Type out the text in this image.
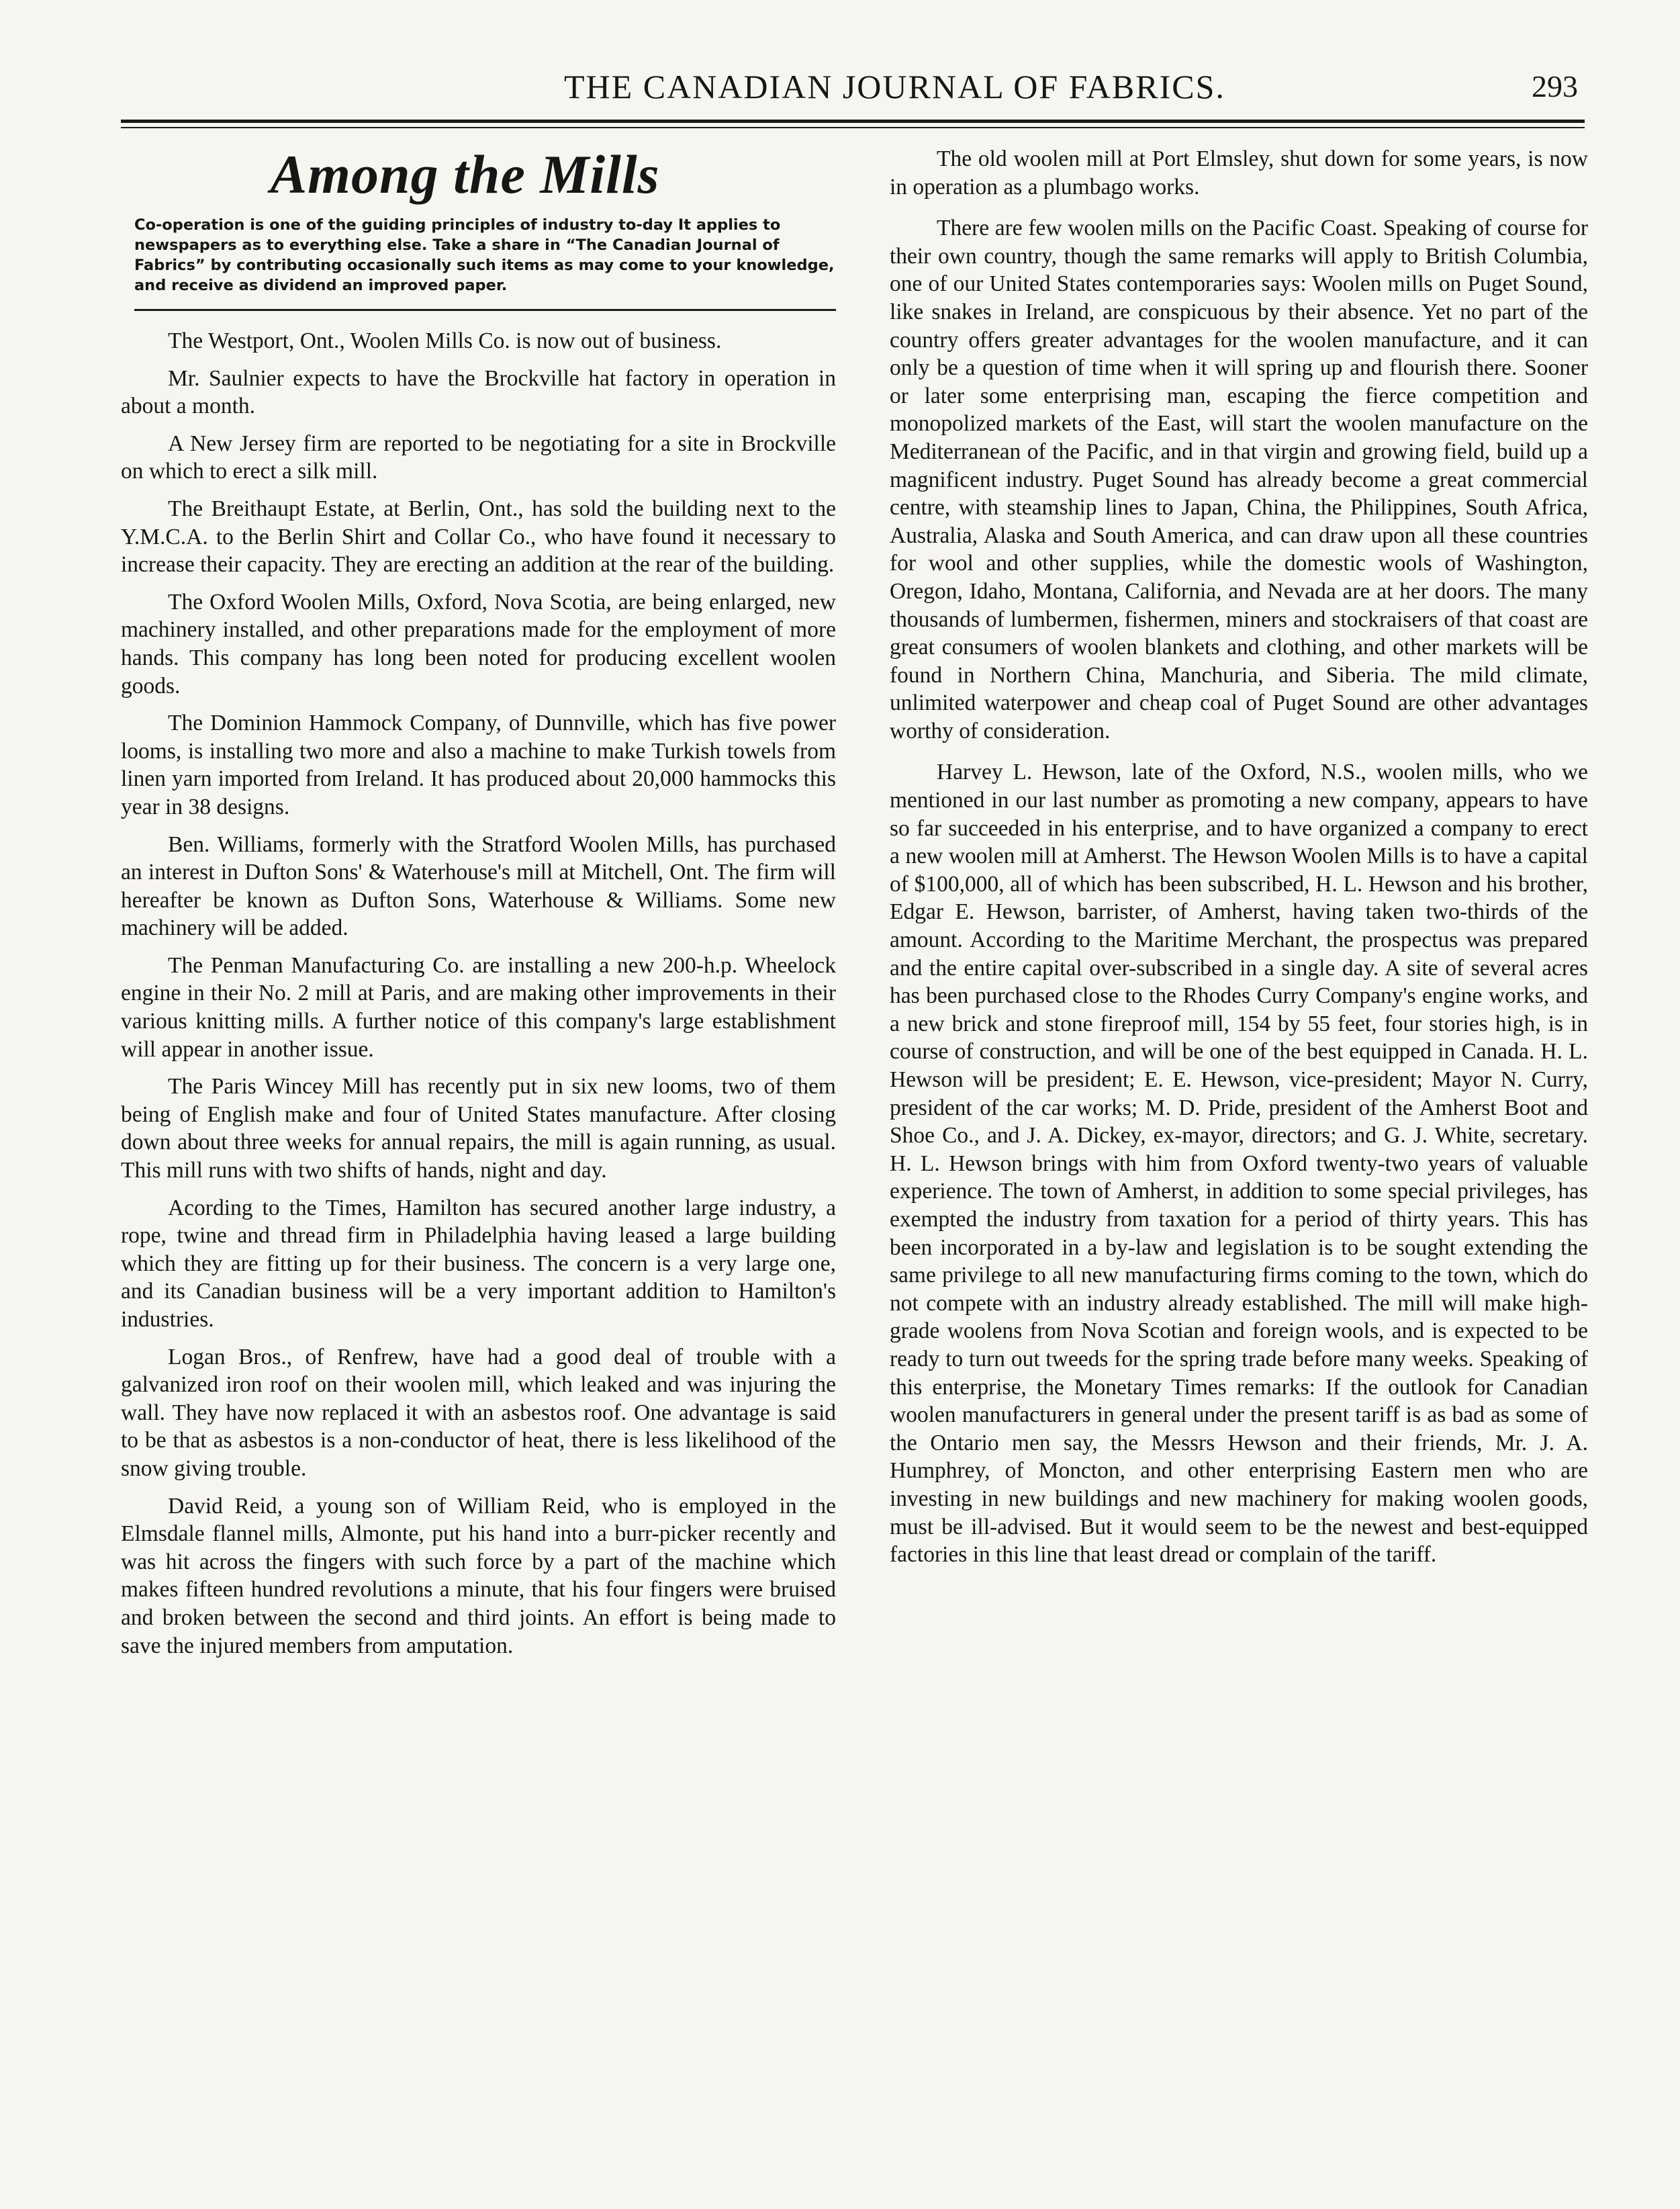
THE CANADIAN JOURNAL OF FABRICS.	293
Among the Mills
Co-operation is one of the guiding principles of industry to-day It applies to newspapers as to everything else. Take a share in “The Canadian Journal of Fabrics” by contributing occasionally such items as may come to your knowledge, and receive as dividend an improved paper.

The Westport, Ont., Woolen Mills Co. is now out of business.

Mr. Saulnier expects to have the Brockville hat factory in operation in about a month.

A New Jersey firm are reported to be negotiating for a site in Brockville on which to erect a silk mill.

The Breithaupt Estate, at Berlin, Ont., has sold the building next to the Y.M.C.A. to the Berlin Shirt and Collar Co., who have found it necessary to increase their capacity. They are erecting an addition at the rear of the building.

The Oxford Woolen Mills, Oxford, Nova Scotia, are being enlarged, new machinery installed, and other preparations made for the employment of more hands. This company has long been noted for producing excellent woolen goods.

The Dominion Hammock Company, of Dunnville, which has five power looms, is installing two more and also a machine to make Turkish towels from linen yarn imported from Ireland. It has produced about 20,000 hammocks this year in 38 designs.

Ben. Williams, formerly with the Stratford Woolen Mills, has purchased an interest in Dufton Sons' & Waterhouse's mill at Mitchell, Ont. The firm will hereafter be known as Dufton Sons, Waterhouse & Williams. Some new machinery will be added.

The Penman Manufacturing Co. are installing a new 200-h.p. Wheelock engine in their No. 2 mill at Paris, and are making other improvements in their various knitting mills. A further notice of this company's large establishment will appear in another issue.

The Paris Wincey Mill has recently put in six new looms, two of them being of English make and four of United States manufacture. After closing down about three weeks for annual repairs, the mill is again running, as usual. This mill runs with two shifts of hands, night and day.

Acording to the Times, Hamilton has secured another large industry, a rope, twine and thread firm in Philadelphia having leased a large building which they are fitting up for their business. The concern is a very large one, and its Canadian business will be a very important addition to Hamilton's industries.

Logan Bros., of Renfrew, have had a good deal of trouble with a galvanized iron roof on their woolen mill, which leaked and was injuring the wall. They have now replaced it with an asbestos roof. One advantage is said to be that as asbestos is a non-conductor of heat, there is less likelihood of the snow giving trouble.

David Reid, a young son of William Reid, who is employed in the Elmsdale flannel mills, Almonte, put his hand into a burr-picker recently and was hit across the fingers with such force by a part of the machine which makes fifteen hundred revolutions a minute, that his four fingers were bruised and broken between the second and third joints. An effort is being made to save the injured members from amputation.

The old woolen mill at Port Elmsley, shut down for some years, is now in operation as a plumbago works.

There are few woolen mills on the Pacific Coast. Speaking of course for their own country, though the same remarks will apply to British Columbia, one of our United States contemporaries says: Woolen mills on Puget Sound, like snakes in Ireland, are conspicuous by their absence. Yet no part of the country offers greater advantages for the woolen manufacture, and it can only be a question of time when it will spring up and flourish there. Sooner or later some enterprising man, escaping the fierce competition and monopolized markets of the East, will start the woolen manufacture on the Mediterranean of the Pacific, and in that virgin and growing field, build up a magnificent industry. Puget Sound has already become a great commercial centre, with steamship lines to Japan, China, the Philippines, South Africa, Australia, Alaska and South America, and can draw upon all these countries for wool and other supplies, while the domestic wools of Washington, Oregon, Idaho, Montana, California, and Nevada are at her doors. The many thousands of lumbermen, fishermen, miners and stockraisers of that coast are great consumers of woolen blankets and clothing, and other markets will be found in Northern China, Manchuria, and Siberia. The mild climate, unlimited waterpower and cheap coal of Puget Sound are other advantages worthy of consideration.

Harvey L. Hewson, late of the Oxford, N.S., woolen mills, who we mentioned in our last number as promoting a new company, appears to have so far succeeded in his enterprise, and to have organized a company to erect a new woolen mill at Amherst. The Hewson Woolen Mills is to have a capital of $100,000, all of which has been subscribed, H. L. Hewson and his brother, Edgar E. Hewson, barrister, of Amherst, having taken two-thirds of the amount. According to the Maritime Merchant, the prospectus was prepared and the entire capital over-subscribed in a single day. A site of several acres has been purchased close to the Rhodes Curry Company's engine works, and a new brick and stone fireproof mill, 154 by 55 feet, four stories high, is in course of construction, and will be one of the best equipped in Canada. H. L. Hewson will be president; E. E. Hewson, vice-president; Mayor N. Curry, president of the car works; M. D. Pride, president of the Amherst Boot and Shoe Co., and J. A. Dickey, ex-mayor, directors; and G. J. White, secretary. H. L. Hewson brings with him from Oxford twenty-two years of valuable experience. The town of Amherst, in addition to some special privileges, has exempted the industry from taxation for a period of thirty years. This has been incorporated in a by-law and legislation is to be sought extending the same privilege to all new manufacturing firms coming to the town, which do not compete with an industry already established. The mill will make high-grade woolens from Nova Scotian and foreign wools, and is expected to be ready to turn out tweeds for the spring trade before many weeks. Speaking of this enterprise, the Monetary Times remarks: If the outlook for Canadian woolen manufacturers in general under the present tariff is as bad as some of the Ontario men say, the Messrs Hewson and their friends, Mr. J. A. Humphrey, of Moncton, and other enterprising Eastern men who are investing in new buildings and new machinery for making woolen goods, must be ill-advised. But it would seem to be the newest and best-equipped factories in this line that least dread or complain of the tariff.
